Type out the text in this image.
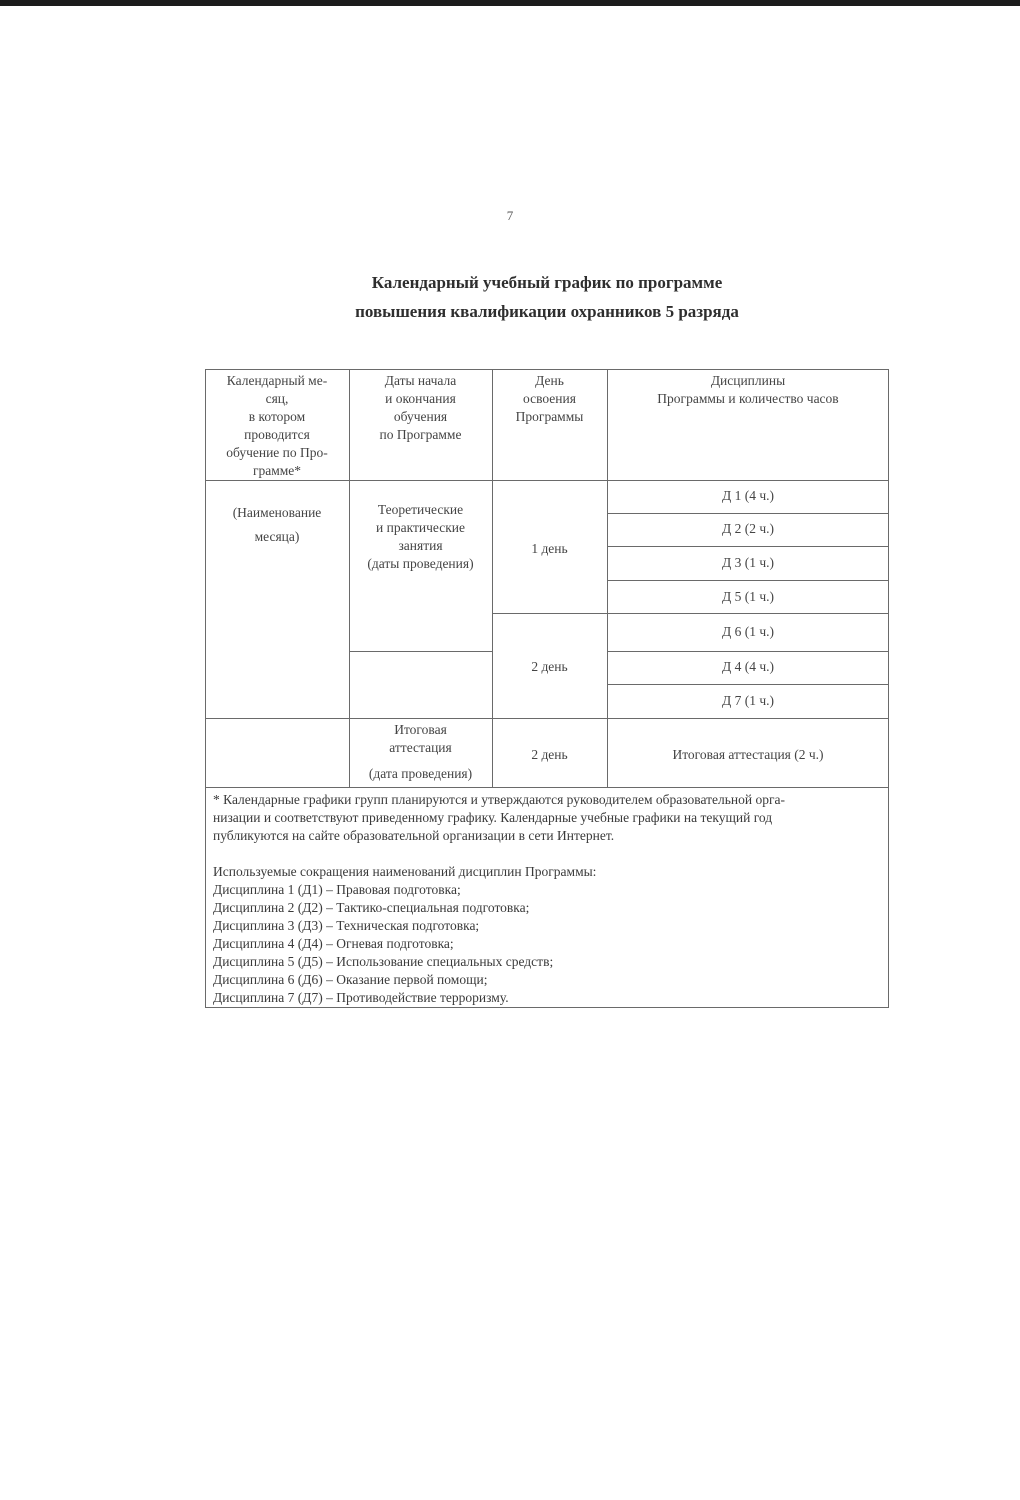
7
Календарный учебный график по программе
повышения квалификации охранников 5 разряда
Календарный ме-
сяц,
в котором
проводится
обучение по Про-
грамме*
Даты начала
и окончания
обучения
по Программе
День
освоения
Программы
Дисциплины
Программы и количество часов
(Наименование
месяца)
Теоретические
и практические
занятия
(даты проведения)
1 день
2 день
Д 1 (4 ч.)
Д 2 (2 ч.)
Д 3 (1 ч.)
Д 5 (1 ч.)
Д 6 (1 ч.)
Д 4 (4 ч.)
Д 7 (1 ч.)
Итоговая
аттестация
(дата проведения)
2 день	Итоговая аттестация (2 ч.)

* Календарные графики групп планируются и утверждаются руководителем образовательной орга-

низации и соответствуют приведенному графику. Календарные учебные графики на текущий год

публикуются на сайте образовательной организации в сети Интернет.

Используемые сокращения наименований дисциплин Программы:

Дисциплина 1 (Д1) – Правовая подготовка;
Дисциплина 2 (Д2) – Тактико-специальная подготовка;
Дисциплина 3 (Д3) – Техническая подготовка;
Дисциплина 4 (Д4) – Огневая подготовка;
Дисциплина 5 (Д5) – Использование специальных средств;
Дисциплина 6 (Д6) – Оказание первой помощи;
Дисциплина 7 (Д7) – Противодействие терроризму.
